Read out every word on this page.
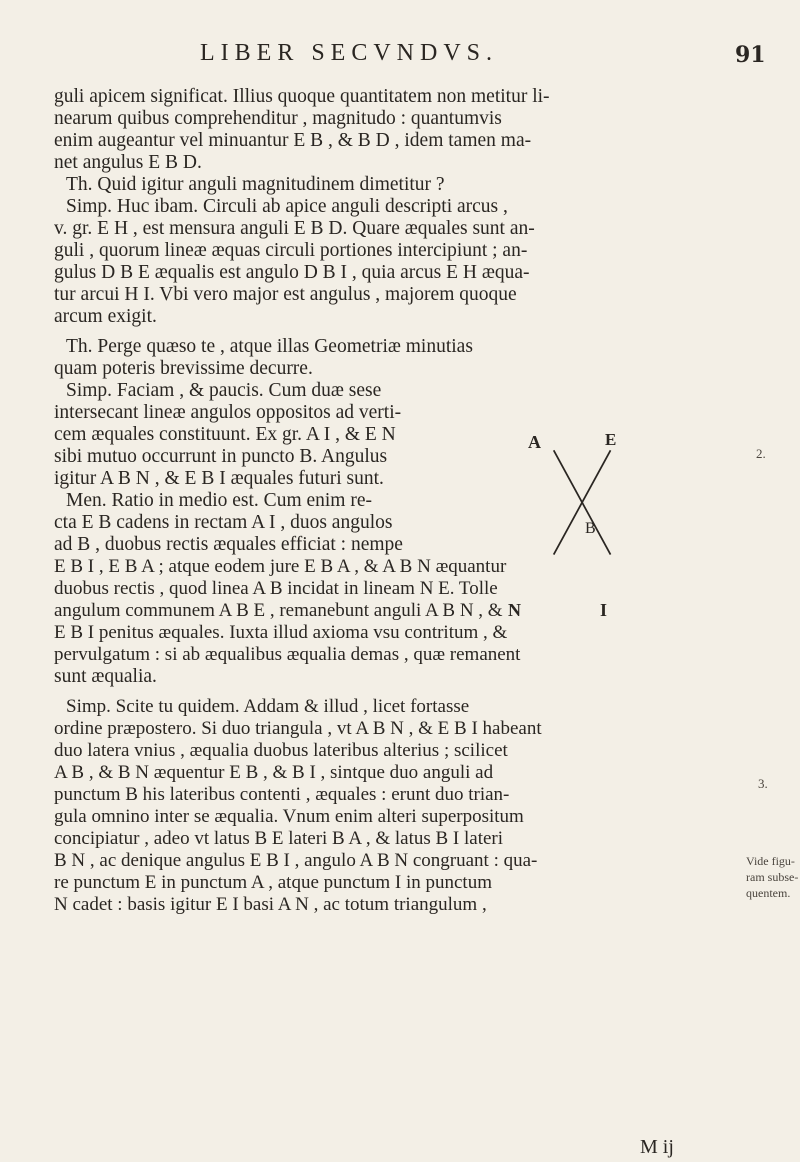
LIBER SECVNDVS.	91
guli apicem significat. Illius quoque quantitatem non metitur li-
nearum quibus comprehenditur , magnitudo : quantumvis
enim augeantur vel minuantur E B , & B D , idem tamen ma-
net angulus E B D.
Th. Quid igitur anguli magnitudinem dimetitur ?
Simp. Huc ibam. Circuli ab apice anguli descripti arcus ,
v. gr. E H , est mensura anguli E B D. Quare æquales sunt an-
guli , quorum lineæ æquas circuli portiones intercipiunt ; an-
gulus D B E æqualis est angulo D B I , quia arcus E H æqua-
tur arcui H I. Vbi vero major est angulus , majorem quoque
arcum exigit.
Th. Perge quæso te , atque illas Geometriæ minutias
quam poteris brevissime decurre.
Simp. Faciam , & paucis. Cum duæ sese
intersecant lineæ angulos oppositos ad verti-
cem æquales constituunt. Ex gr. A I , & E N
sibi mutuo occurrunt in puncto B. Angulus
igitur A B N , & E B I æquales futuri sunt.
Men. Ratio in medio est. Cum enim re-
cta E B cadens in rectam A I , duos angulos
ad B , duobus rectis æquales efficiat : nempe
E B I , E B A ; atque eodem jure E B A , & A B N æquantur
duobus rectis , quod linea A B incidat in lineam N E. Tolle
angulum communem A B E , remanebunt anguli A B N , &
E B I penitus æquales. Iuxta illud axioma vsu contritum , &
pervulgatum : si ab æqualibus æqualia demas , quæ remanent
sunt æqualia.
Simp. Scite tu quidem. Addam & illud , licet fortasse
ordine præpostero. Si duo triangula , vt A B N , & E B I habeant
duo latera vnius , æqualia duobus lateribus alterius ; scilicet
A B , & B N æquentur E B , & B I , sintque duo anguli ad
punctum B his lateribus contenti , æquales : erunt duo trian-
gula omnino inter se æqualia. Vnum enim alteri superpositum
concipiatur , adeo vt latus B E lateri B A , & latus B I lateri
B N , ac denique angulus E B I , angulo A B N congruant : qua-
re punctum E in punctum A , atque punctum I in punctum
N cadet : basis igitur E I basi A N , ac totum triangulum ,
A	E
B
N	I
2.
3.
Vide figu-
ram subse-
quentem.
M ij
